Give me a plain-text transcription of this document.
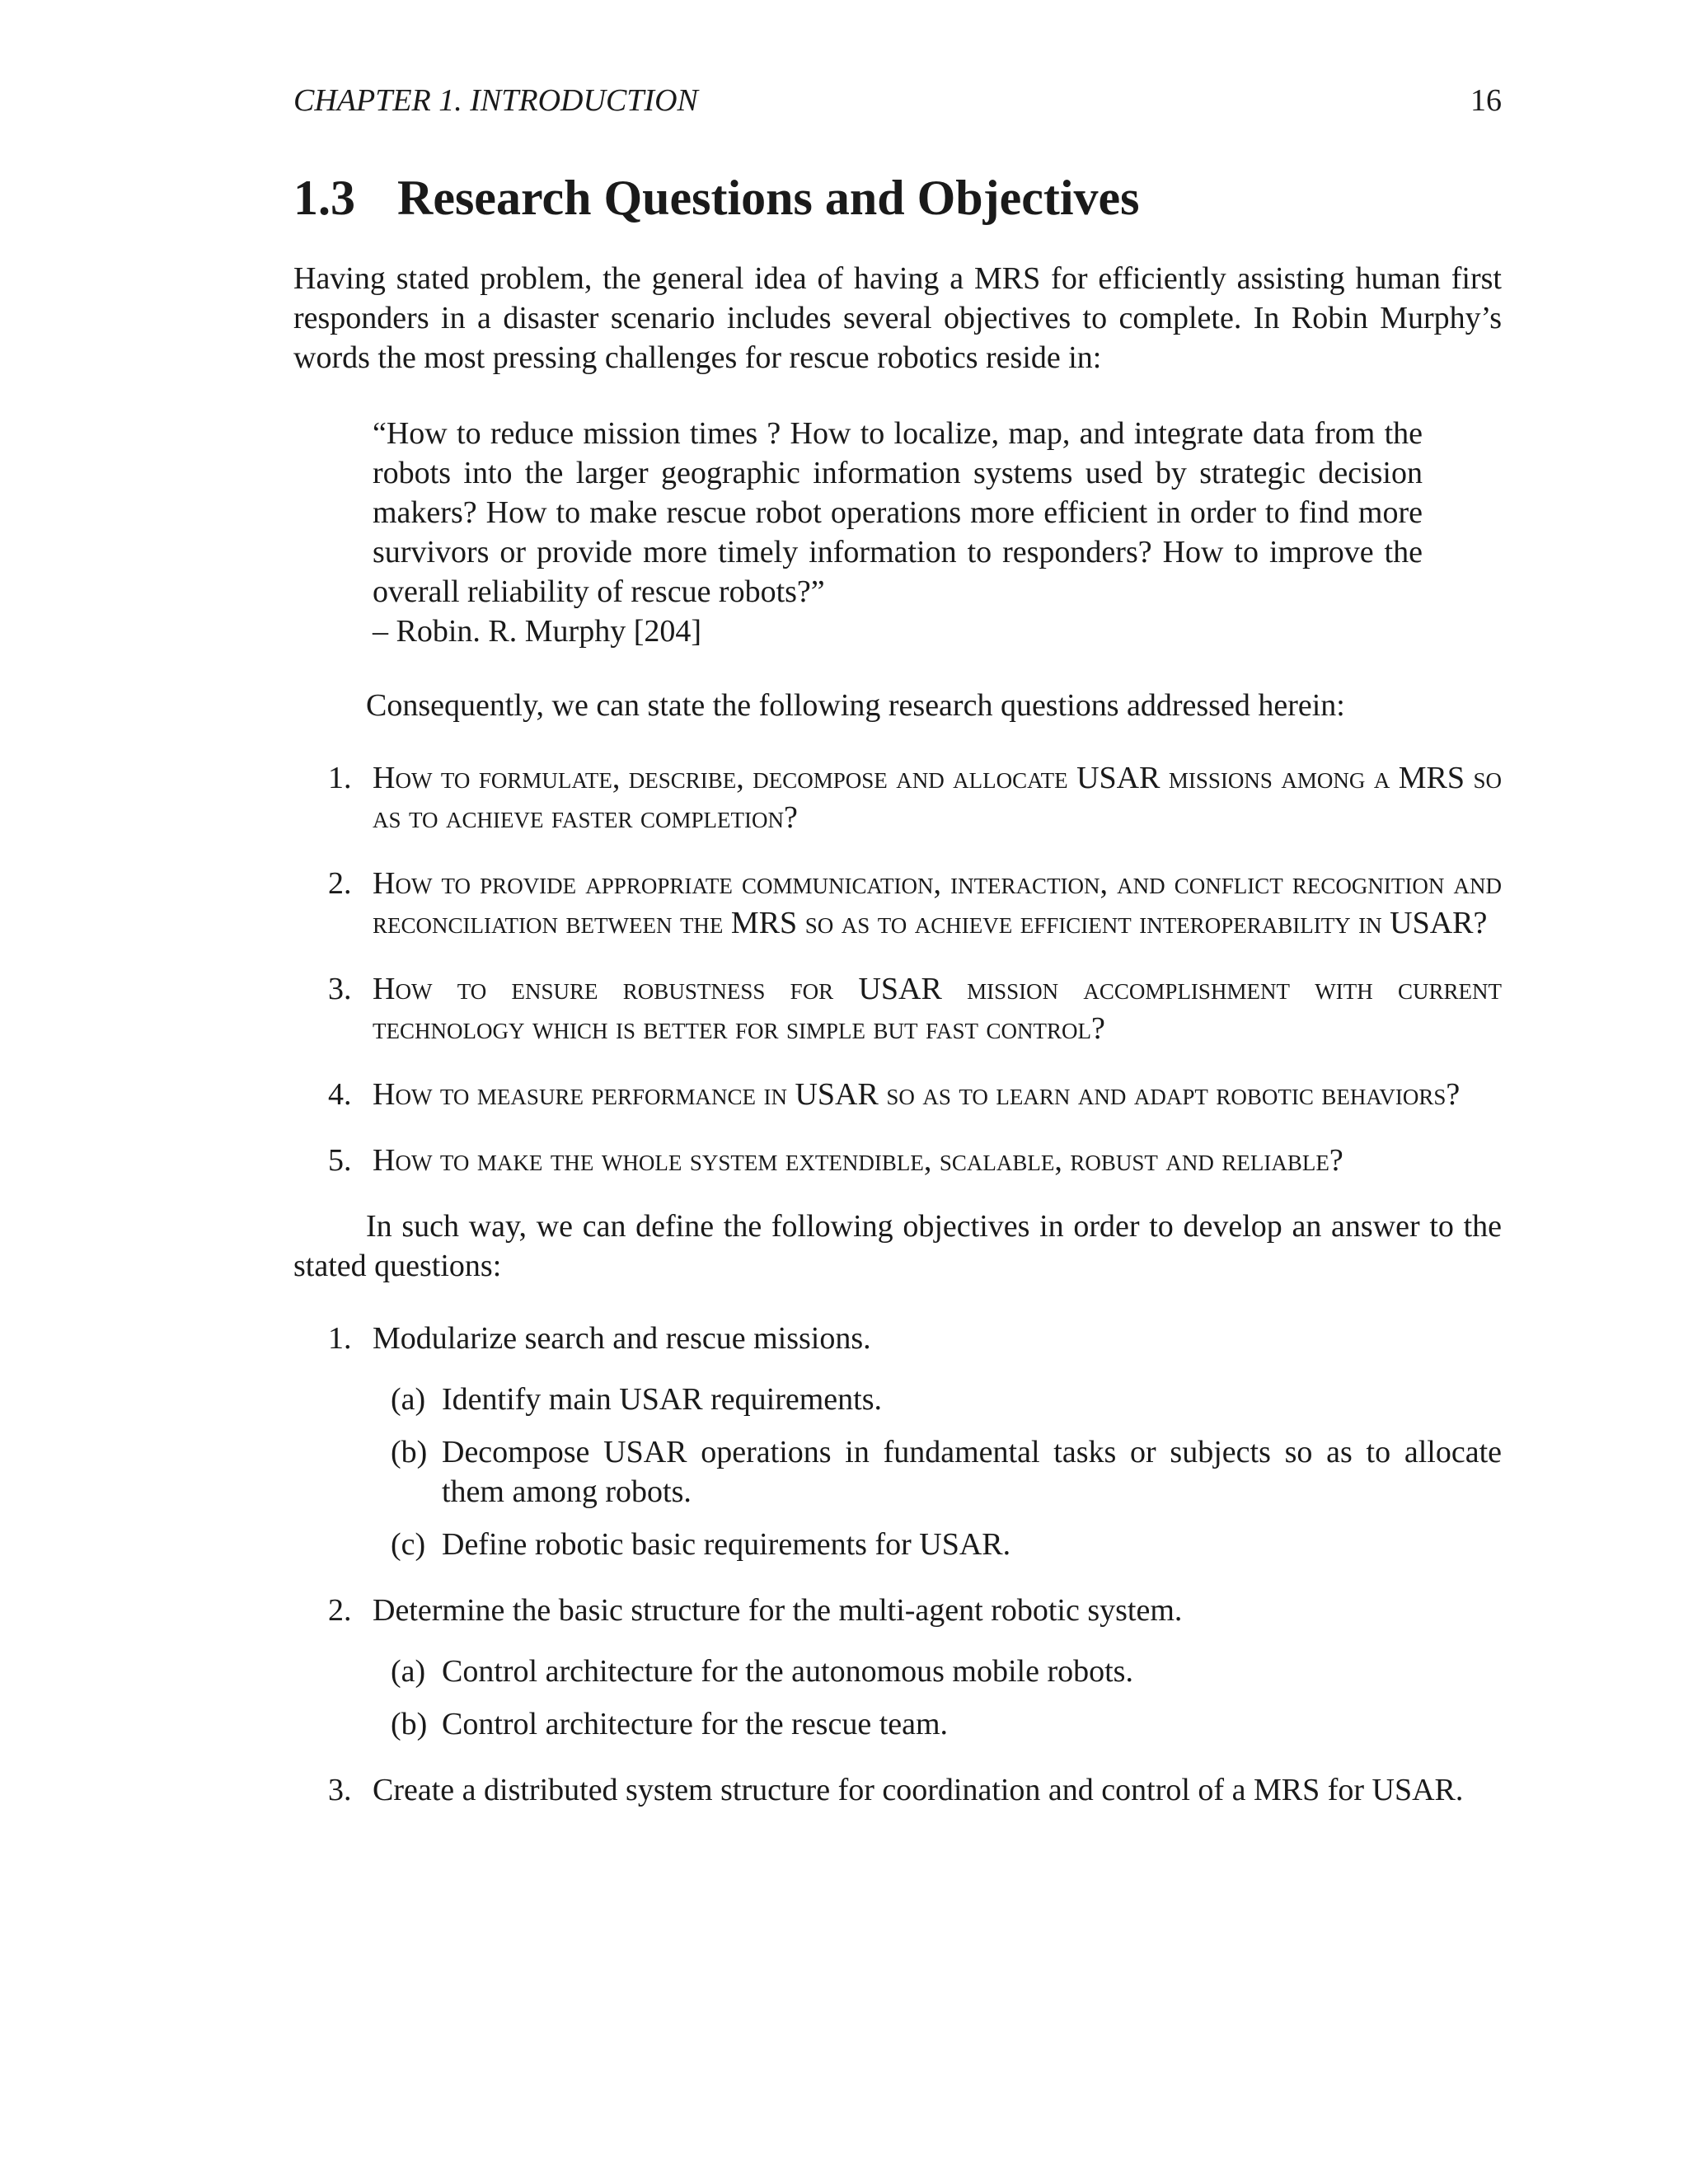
CHAPTER 1. INTRODUCTION	16
1.3 Research Questions and Objectives

Having stated problem, the general idea of having a MRS for efficiently assisting human first responders in a disaster scenario includes several objectives to complete. In Robin Murphy’s words the most pressing challenges for rescue robotics reside in:

“How to reduce mission times ? How to localize, map, and integrate data from the robots into the larger geographic information systems used by strategic decision makers? How to make rescue robot operations more efficient in order to find more survivors or provide more timely information to responders? How to improve the overall reliability of rescue robots?”
– Robin. R. Murphy [204]

Consequently, we can state the following research questions addressed herein:

1. How to formulate, describe, decompose and allocate USAR missions among a MRS so as to achieve faster completion?
2. How to provide appropriate communication, interaction, and conflict recognition and reconciliation between the MRS so as to achieve efficient interoperability in USAR?
3. How to ensure robustness for USAR mission accomplishment with current technology which is better for simple but fast control?
4. How to measure performance in USAR so as to learn and adapt robotic behaviors?
5. How to make the whole system extendible, scalable, robust and reliable?

In such way, we can define the following objectives in order to develop an answer to the stated questions:

1. Modularize search and rescue missions.
(a) Identify main USAR requirements.
(b) Decompose USAR operations in fundamental tasks or subjects so as to allocate them among robots.
(c) Define robotic basic requirements for USAR.
2. Determine the basic structure for the multi-agent robotic system.
(a) Control architecture for the autonomous mobile robots.
(b) Control architecture for the rescue team.
3. Create a distributed system structure for coordination and control of a MRS for USAR.
